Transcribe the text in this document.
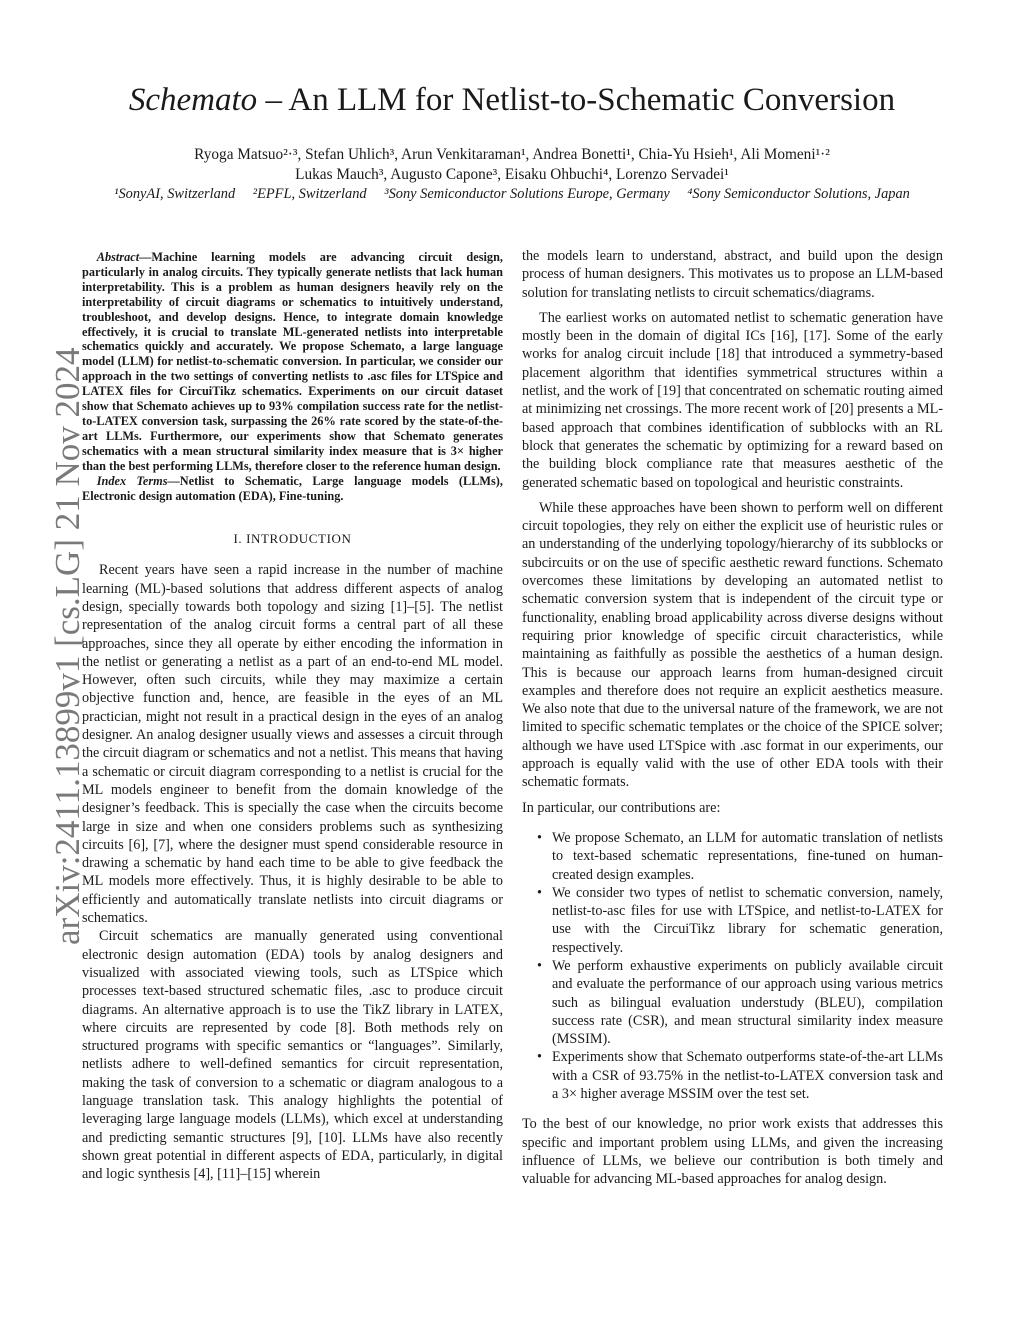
arXiv:2411.13899v1 [cs.LG] 21 Nov 2024
Schemato – An LLM for Netlist-to-Schematic Conversion
Ryoga Matsuo²·³, Stefan Uhlich³, Arun Venkitaraman¹, Andrea Bonetti¹, Chia-Yu Hsieh¹, Ali Momeni¹·²
Lukas Mauch³, Augusto Capone³, Eisaku Ohbuchi⁴, Lorenzo Servadei¹
¹SonyAI, Switzerland ²EPFL, Switzerland ³Sony Semiconductor Solutions Europe, Germany ⁴Sony Semiconductor Solutions, Japan

Abstract—Machine learning models are advancing circuit design, particularly in analog circuits. They typically generate netlists that lack human interpretability. This is a problem as human designers heavily rely on the interpretability of circuit diagrams or schematics to intuitively understand, troubleshoot, and develop designs. Hence, to integrate domain knowledge effectively, it is crucial to translate ML-generated netlists into interpretable schematics quickly and accurately. We propose Schemato, a large language model (LLM) for netlist-to-schematic conversion. In particular, we consider our approach in the two settings of converting netlists to .asc files for LTSpice and LATEX files for CircuiTikz schematics. Experiments on our circuit dataset show that Schemato achieves up to 93% compilation success rate for the netlist-to-LATEX conversion task, surpassing the 26% rate scored by the state-of-the-art LLMs. Furthermore, our experiments show that Schemato generates schematics with a mean structural similarity index measure that is 3× higher than the best performing LLMs, therefore closer to the reference human design.

Index Terms—Netlist to Schematic, Large language models (LLMs), Electronic design automation (EDA), Fine-tuning.

I. INTRODUCTION

Recent years have seen a rapid increase in the number of machine learning (ML)-based solutions that address different aspects of analog design, specially towards both topology and sizing [1]–[5]. The netlist representation of the analog circuit forms a central part of all these approaches, since they all operate by either encoding the information in the netlist or generating a netlist as a part of an end-to-end ML model. However, often such circuits, while they may maximize a certain objective function and, hence, are feasible in the eyes of an ML practician, might not result in a practical design in the eyes of an analog designer. An analog designer usually views and assesses a circuit through the circuit diagram or schematics and not a netlist. This means that having a schematic or circuit diagram corresponding to a netlist is crucial for the ML models engineer to benefit from the domain knowledge of the designer’s feedback. This is specially the case when the circuits become large in size and when one considers problems such as synthesizing circuits [6], [7], where the designer must spend considerable resource in drawing a schematic by hand each time to be able to give feedback the ML models more effectively. Thus, it is highly desirable to be able to efficiently and automatically translate netlists into circuit diagrams or schematics.

Circuit schematics are manually generated using conventional electronic design automation (EDA) tools by analog designers and visualized with associated viewing tools, such as LTSpice which processes text-based structured schematic files, .asc to produce circuit diagrams. An alternative approach is to use the TikZ library in LATEX, where circuits are represented by code [8]. Both methods rely on structured programs with specific semantics or “languages”. Similarly, netlists adhere to well-defined semantics for circuit representation, making the task of conversion to a schematic or diagram analogous to a language translation task. This analogy highlights the potential of leveraging large language models (LLMs), which excel at understanding and predicting semantic structures [9], [10]. LLMs have also recently shown great potential in different aspects of EDA, particularly, in digital and logic synthesis [4], [11]–[15] wherein

the models learn to understand, abstract, and build upon the design process of human designers. This motivates us to propose an LLM-based solution for translating netlists to circuit schematics/diagrams.

The earliest works on automated netlist to schematic generation have mostly been in the domain of digital ICs [16], [17]. Some of the early works for analog circuit include [18] that introduced a symmetry-based placement algorithm that identifies symmetrical structures within a netlist, and the work of [19] that concentrated on schematic routing aimed at minimizing net crossings. The more recent work of [20] presents a ML-based approach that combines identification of subblocks with an RL block that generates the schematic by optimizing for a reward based on the building block compliance rate that measures aesthetic of the generated schematic based on topological and heuristic constraints.

While these approaches have been shown to perform well on different circuit topologies, they rely on either the explicit use of heuristic rules or an understanding of the underlying topology/hierarchy of its subblocks or subcircuits or on the use of specific aesthetic reward functions. Schemato overcomes these limitations by developing an automated netlist to schematic conversion system that is independent of the circuit type or functionality, enabling broad applicability across diverse designs without requiring prior knowledge of specific circuit characteristics, while maintaining as faithfully as possible the aesthetics of a human design. This is because our approach learns from human-designed circuit examples and therefore does not require an explicit aesthetics measure. We also note that due to the universal nature of the framework, we are not limited to specific schematic templates or the choice of the SPICE solver; although we have used LTSpice with .asc format in our experiments, our approach is equally valid with the use of other EDA tools with their schematic formats.

In particular, our contributions are:

• We propose Schemato, an LLM for automatic translation of netlists to text-based schematic representations, fine-tuned on human-created design examples.
• We consider two types of netlist to schematic conversion, namely, netlist-to-asc files for use with LTSpice, and netlist-to-LATEX for use with the CircuiTikz library for schematic generation, respectively.
• We perform exhaustive experiments on publicly available circuit and evaluate the performance of our approach using various metrics such as bilingual evaluation understudy (BLEU), compilation success rate (CSR), and mean structural similarity index measure (MSSIM).
• Experiments show that Schemato outperforms state-of-the-art LLMs with a CSR of 93.75% in the netlist-to-LATEX conversion task and a 3× higher average MSSIM over the test set.

To the best of our knowledge, no prior work exists that addresses this specific and important problem using LLMs, and given the increasing influence of LLMs, we believe our contribution is both timely and valuable for advancing ML-based approaches for analog design.
